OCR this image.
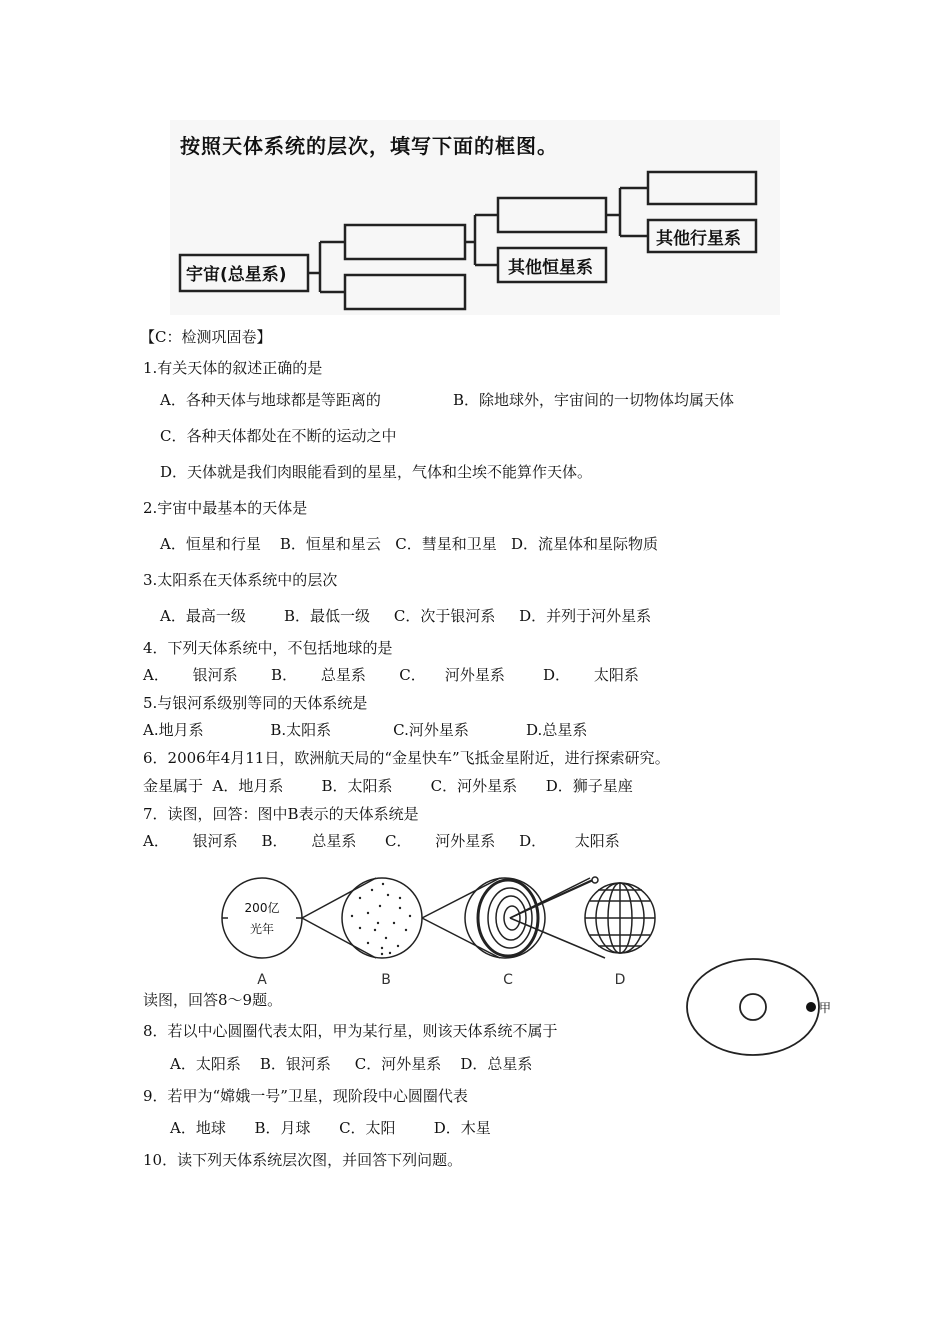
按照天体系统的层次，填写下面的框图。
宇宙(总星系)	其他恒星系
其他行星系
【C：检测巩固卷】
1.有关天体的叙述正确的是
A．各种天体与地球都是等距离的	B．除地球外，宇宙间的一切物体均属天体
C．各种天体都处在不断的运动之中
D．天体就是我们肉眼能看到的星星，气体和尘埃不能算作天体。
2.宇宙中最基本的天体是
A．恒星和行星    B．恒星和星云   C．彗星和卫星   D．流星体和星际物质
3.太阳系在天体系统中的层次
A．最高一级        B．最低一级     C．次于银河系     D．并列于河外星系
4．下列天体系统中，不包括地球的是
A．     银河系       B．     总星系       C．    河外星系        D．     太阳系
5.与银河系级别等同的天体系统是
A.地月系              B.太阳系             C.河外星系            D.总星系
6．2006年4月11日，欧洲航天局的“金星快车”飞抵金星附近，进行探索研究。
金星属于  A．地月系        B．太阳系        C．河外星系      D．狮子星座
7．读图，回答：图中B表示的天体系统是
A．     银河系     B．     总星系      C．     河外星系     D．      太阳系
200亿
光年
A	B	C	D
甲
读图，回答8～9题。
8．若以中心圆圈代表太阳，甲为某行星，则该天体系统不属于
A．太阳系    B．银河系     C．河外星系    D．总星系
9．若甲为“嫦娥一号”卫星，现阶段中心圆圈代表
A．地球      B．月球      C．太阳        D．木星
10．读下列天体系统层次图，并回答下列问题。
